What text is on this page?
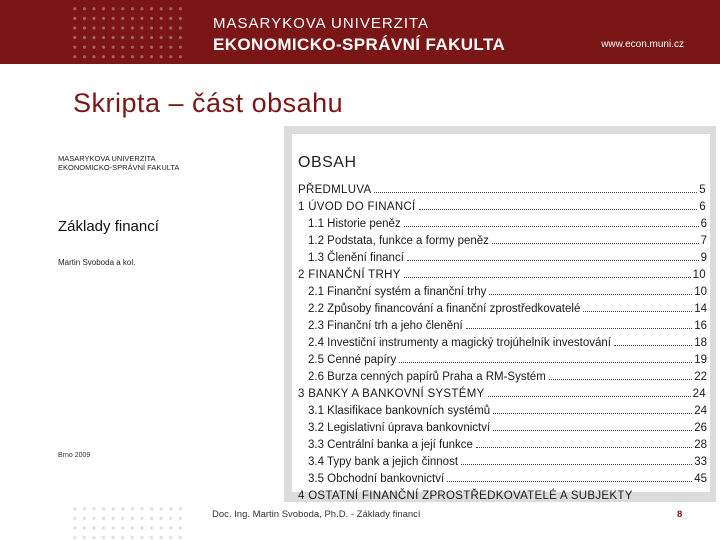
MASARYKOVA UNIVERZITA
EKONOMICKO-SPRÁVNÍ FAKULTA	www.econ.muni.cz
Skripta – část obsahu
MASARYKOVA UNIVERZITA
EKONOMICKO-SPRÁVNÍ FAKULTA
Základy financí
Martin Svoboda a kol.
Brno 2009
OBSAH
PŘEDMLUVA	5
1 ÚVOD DO FINANCÍ	6
1.1 Historie peněz	6
1.2 Podstata, funkce a formy peněz	7
1.3 Členění financí	9
2 FINANČNÍ TRHY	10
2.1 Finanční systém a finanční trhy	10
2.2 Způsoby financování a finanční zprostředkovatelé	14
2.3 Finanční trh a jeho členění	16
2.4 Investiční instrumenty a magický trojúhelník investování	18
2.5 Cenné papíry	19
2.6 Burza cenných papírů Praha a RM-Systém	22
3 BANKY A BANKOVNÍ SYSTÉMY	24
3.1 Klasifikace bankovních systémů	24
3.2 Legislativní úprava bankovnictví	26
3.3 Centrální banka a její funkce	28
3.4 Typy bank a jejich činnost	33
3.5 Obchodní bankovnictví	45
4 OSTATNÍ FINANČNÍ ZPROSTŘEDKOVATELÉ A SUBJEKTY
Doc. Ing. Martin Svoboda, Ph.D. - Základy financí	8
